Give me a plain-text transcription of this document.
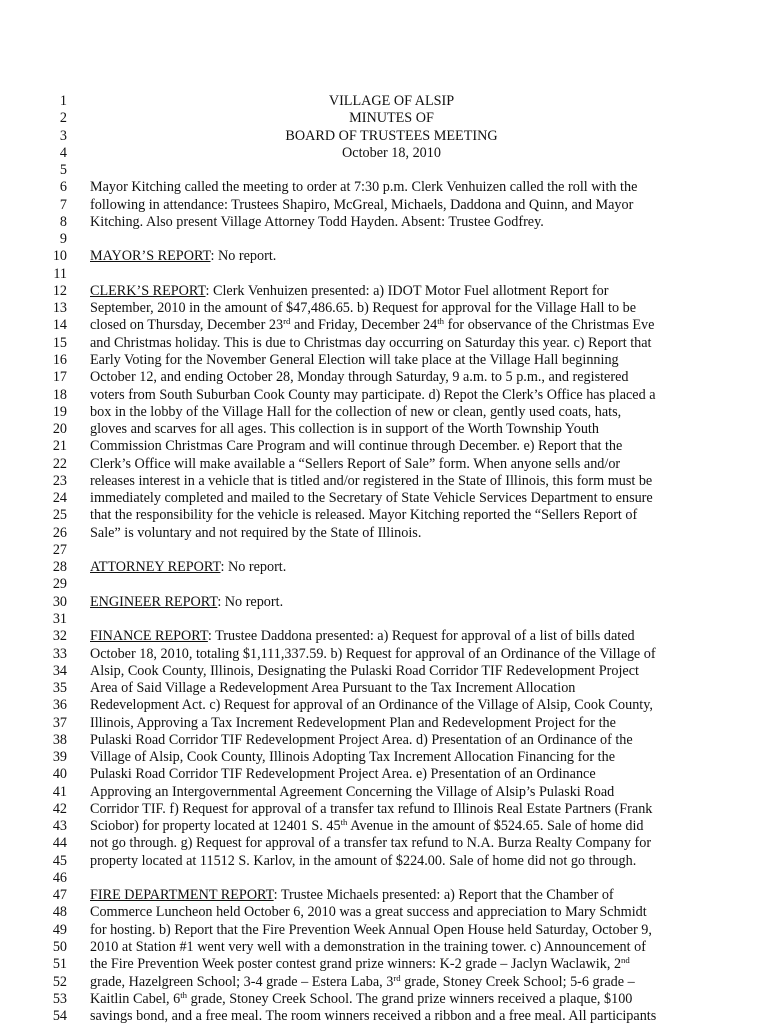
1	VILLAGE OF ALSIP
2	MINUTES OF
3	BOARD OF TRUSTEES MEETING
4	October 18, 2010
5
6 Mayor Kitching called the meeting to order at 7:30 p.m. Clerk Venhuizen called the roll with the
7 following in attendance: Trustees Shapiro, McGreal, Michaels, Daddona and Quinn, and Mayor
8 Kitching. Also present Village Attorney Todd Hayden. Absent: Trustee Godfrey.
9
10 MAYOR’S REPORT: No report.
11
12 CLERK’S REPORT: Clerk Venhuizen presented: a) IDOT Motor Fuel allotment Report for
13 September, 2010 in the amount of $47,486.65. b) Request for approval for the Village Hall to be
14 closed on Thursday, December 23rd and Friday, December 24th for observance of the Christmas Eve
15 and Christmas holiday. This is due to Christmas day occurring on Saturday this year. c) Report that
16 Early Voting for the November General Election will take place at the Village Hall beginning
17 October 12, and ending October 28, Monday through Saturday, 9 a.m. to 5 p.m., and registered
18 voters from South Suburban Cook County may participate. d) Repot the Clerk’s Office has placed a
19 box in the lobby of the Village Hall for the collection of new or clean, gently used coats, hats,
20 gloves and scarves for all ages. This collection is in support of the Worth Township Youth
21 Commission Christmas Care Program and will continue through December. e) Report that the
22 Clerk’s Office will make available a “Sellers Report of Sale” form. When anyone sells and/or
23 releases interest in a vehicle that is titled and/or registered in the State of Illinois, this form must be
24 immediately completed and mailed to the Secretary of State Vehicle Services Department to ensure
25 that the responsibility for the vehicle is released. Mayor Kitching reported the “Sellers Report of
26 Sale” is voluntary and not required by the State of Illinois.
27
28 ATTORNEY REPORT: No report.
29
30 ENGINEER REPORT: No report.
31
32 FINANCE REPORT: Trustee Daddona presented: a) Request for approval of a list of bills dated
33 October 18, 2010, totaling $1,111,337.59. b) Request for approval of an Ordinance of the Village of
34 Alsip, Cook County, Illinois, Designating the Pulaski Road Corridor TIF Redevelopment Project
35 Area of Said Village a Redevelopment Area Pursuant to the Tax Increment Allocation
36 Redevelopment Act. c) Request for approval of an Ordinance of the Village of Alsip, Cook County,
37 Illinois, Approving a Tax Increment Redevelopment Plan and Redevelopment Project for the
38 Pulaski Road Corridor TIF Redevelopment Project Area. d) Presentation of an Ordinance of the
39 Village of Alsip, Cook County, Illinois Adopting Tax Increment Allocation Financing for the
40 Pulaski Road Corridor TIF Redevelopment Project Area. e) Presentation of an Ordinance
41 Approving an Intergovernmental Agreement Concerning the Village of Alsip’s Pulaski Road
42 Corridor TIF. f) Request for approval of a transfer tax refund to Illinois Real Estate Partners (Frank
43 Sciobor) for property located at 12401 S. 45th Avenue in the amount of $524.65. Sale of home did
44 not go through. g) Request for approval of a transfer tax refund to N.A. Burza Realty Company for
45 property located at 11512 S. Karlov, in the amount of $224.00. Sale of home did not go through.
46
47 FIRE DEPARTMENT REPORT: Trustee Michaels presented: a) Report that the Chamber of
48 Commerce Luncheon held October 6, 2010 was a great success and appreciation to Mary Schmidt
49 for hosting. b) Report that the Fire Prevention Week Annual Open House held Saturday, October 9,
50 2010 at Station #1 went very well with a demonstration in the training tower. c) Announcement of
51 the Fire Prevention Week poster contest grand prize winners: K-2 grade – Jaclyn Waclawik, 2nd
52 grade, Hazelgreen School; 3-4 grade – Estera Laba, 3rd grade, Stoney Creek School; 5-6 grade –
53 Kaitlin Cabel, 6th grade, Stoney Creek School. The grand prize winners received a plaque, $100
54 savings bond, and a free meal. The room winners received a ribbon and a free meal. All participants
